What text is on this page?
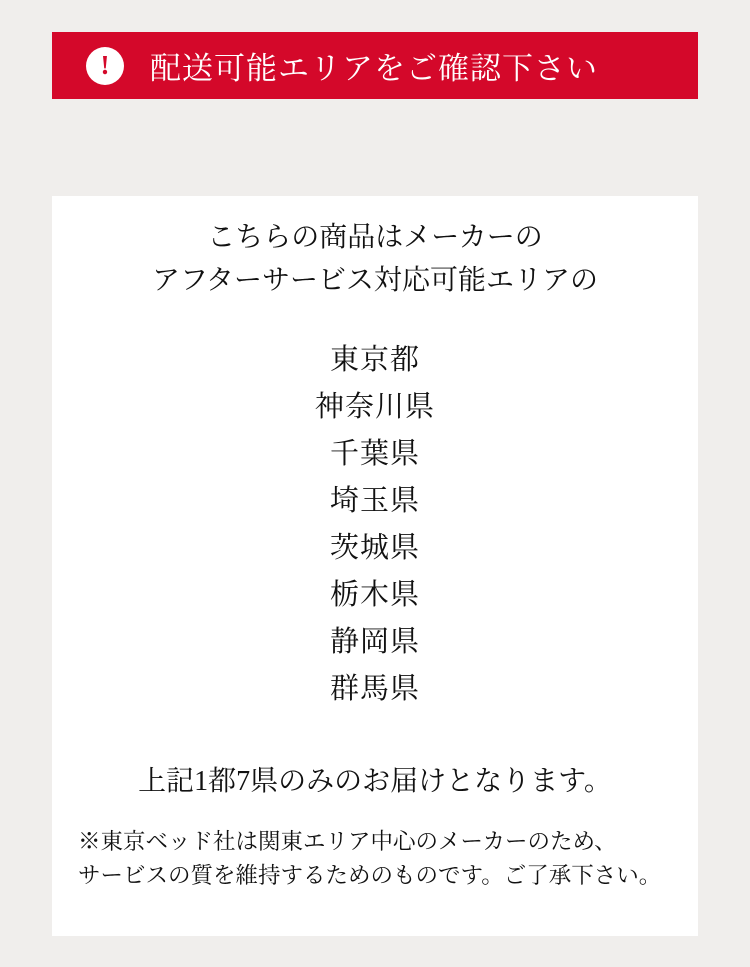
!	配送可能エリアをご確認下さい
こちらの商品はメーカーの
アフターサービス対応可能エリアの
東京都
神奈川県
千葉県
埼玉県
茨城県
栃木県
静岡県
群馬県
上記1都7県のみのお届けとなります。
※東京ベッド社は関東エリア中心のメーカーのため、
サービスの質を維持するためのものです。ご了承下さい。
